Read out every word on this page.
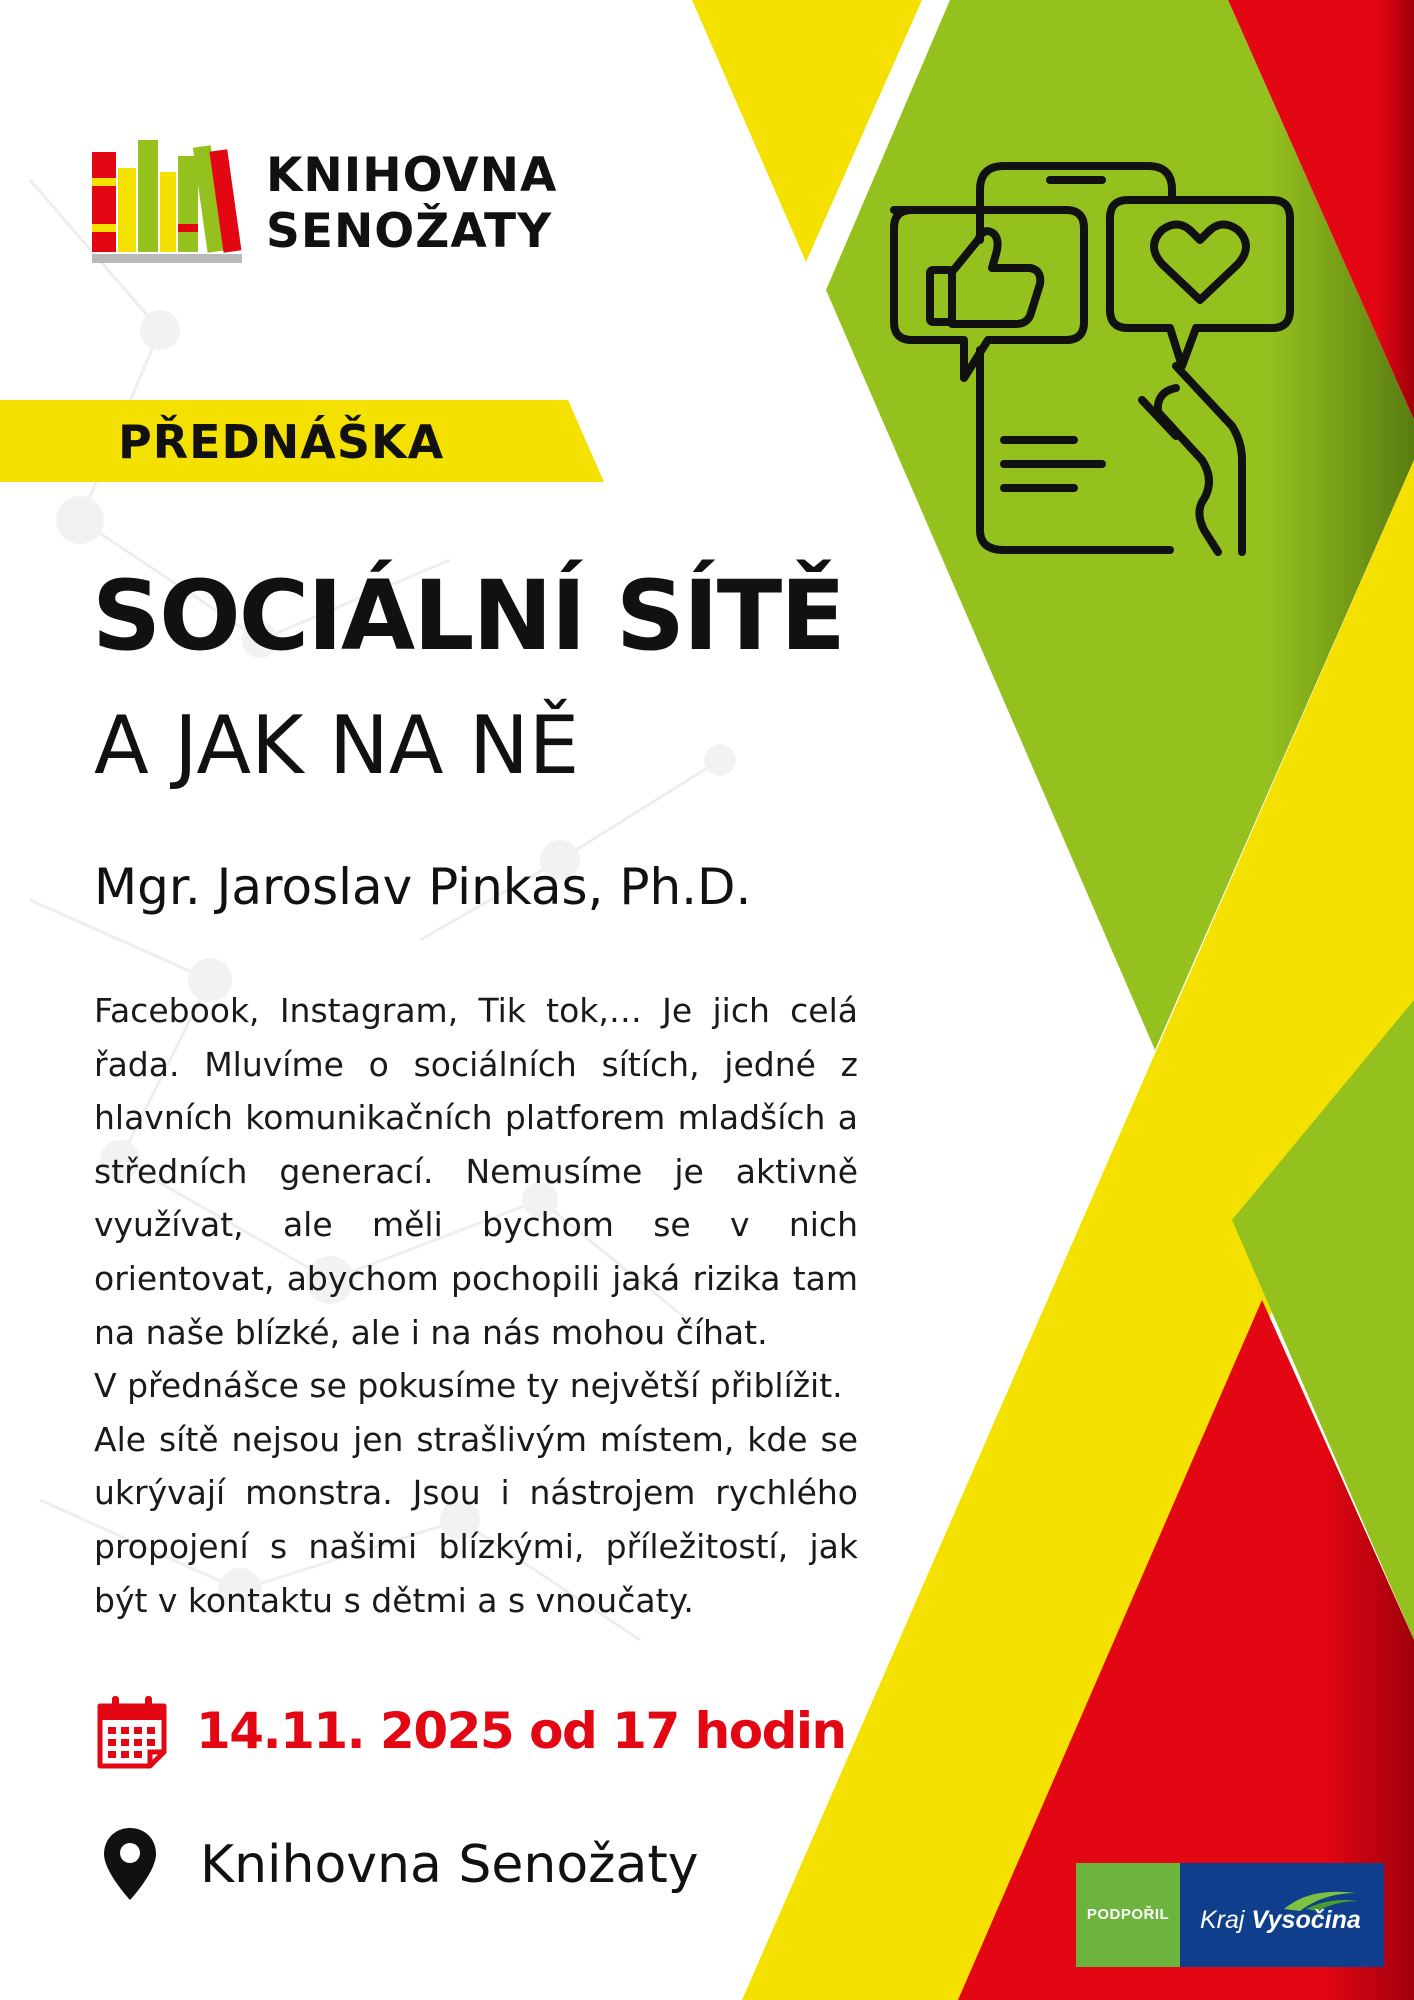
KNIHOVNA
SENOŽATY
PŘEDNÁŠKA
SOCIÁLNÍ SÍTĚ
A JAK NA NĚ
Mgr. Jaroslav Pinkas, Ph.D.

Facebook, Instagram, Tik tok,… Je jich celá řada. Mluvíme o sociálních sítích, jedné z hlavních komunikačních platforem mladších a středních generací. Nemusíme je aktivně využívat, ale měli bychom se v nich orientovat, abychom pochopili jaká rizika tam na naše blízké, ale i na nás mohou číhat.

V přednášce se pokusíme ty největší přiblížit.

Ale sítě nejsou jen strašlivým místem, kde se ukrývají monstra. Jsou i nástrojem rychlého propojení s našimi blízkými, příležitostí, jak být v kontaktu s dětmi a s vnoučaty.

14.11. 2025 od 17 hodin
Knihovna Senožaty
PODPOŘIL	Kraj Vysočina
